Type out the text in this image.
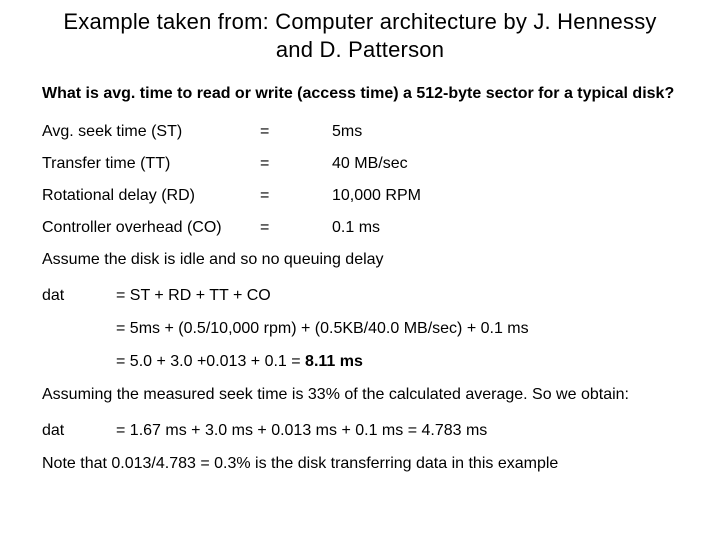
Example taken from: Computer architecture by J. Hennessy
and D. Patterson
What is avg. time to read or write (access time) a 512-byte sector for a typical disk?
Avg. seek time (ST)	=	5ms
Transfer time (TT)	=	40 MB/sec
Rotational delay (RD)	=	10,000 RPM
Controller overhead (CO) =	0.1 ms
Assume the disk is idle and so no queuing delay
dat	= ST + RD + TT + CO
= 5ms + (0.5/10,000 rpm) + (0.5KB/40.0 MB/sec) + 0.1 ms
= 5.0 + 3.0 +0.013 + 0.1 = 8.11 ms
Assuming the measured seek time is 33% of the calculated average. So we obtain:
dat	= 1.67 ms + 3.0 ms + 0.013 ms + 0.1 ms = 4.783 ms
Note that 0.013/4.783 = 0.3% is the disk transferring data in this example
